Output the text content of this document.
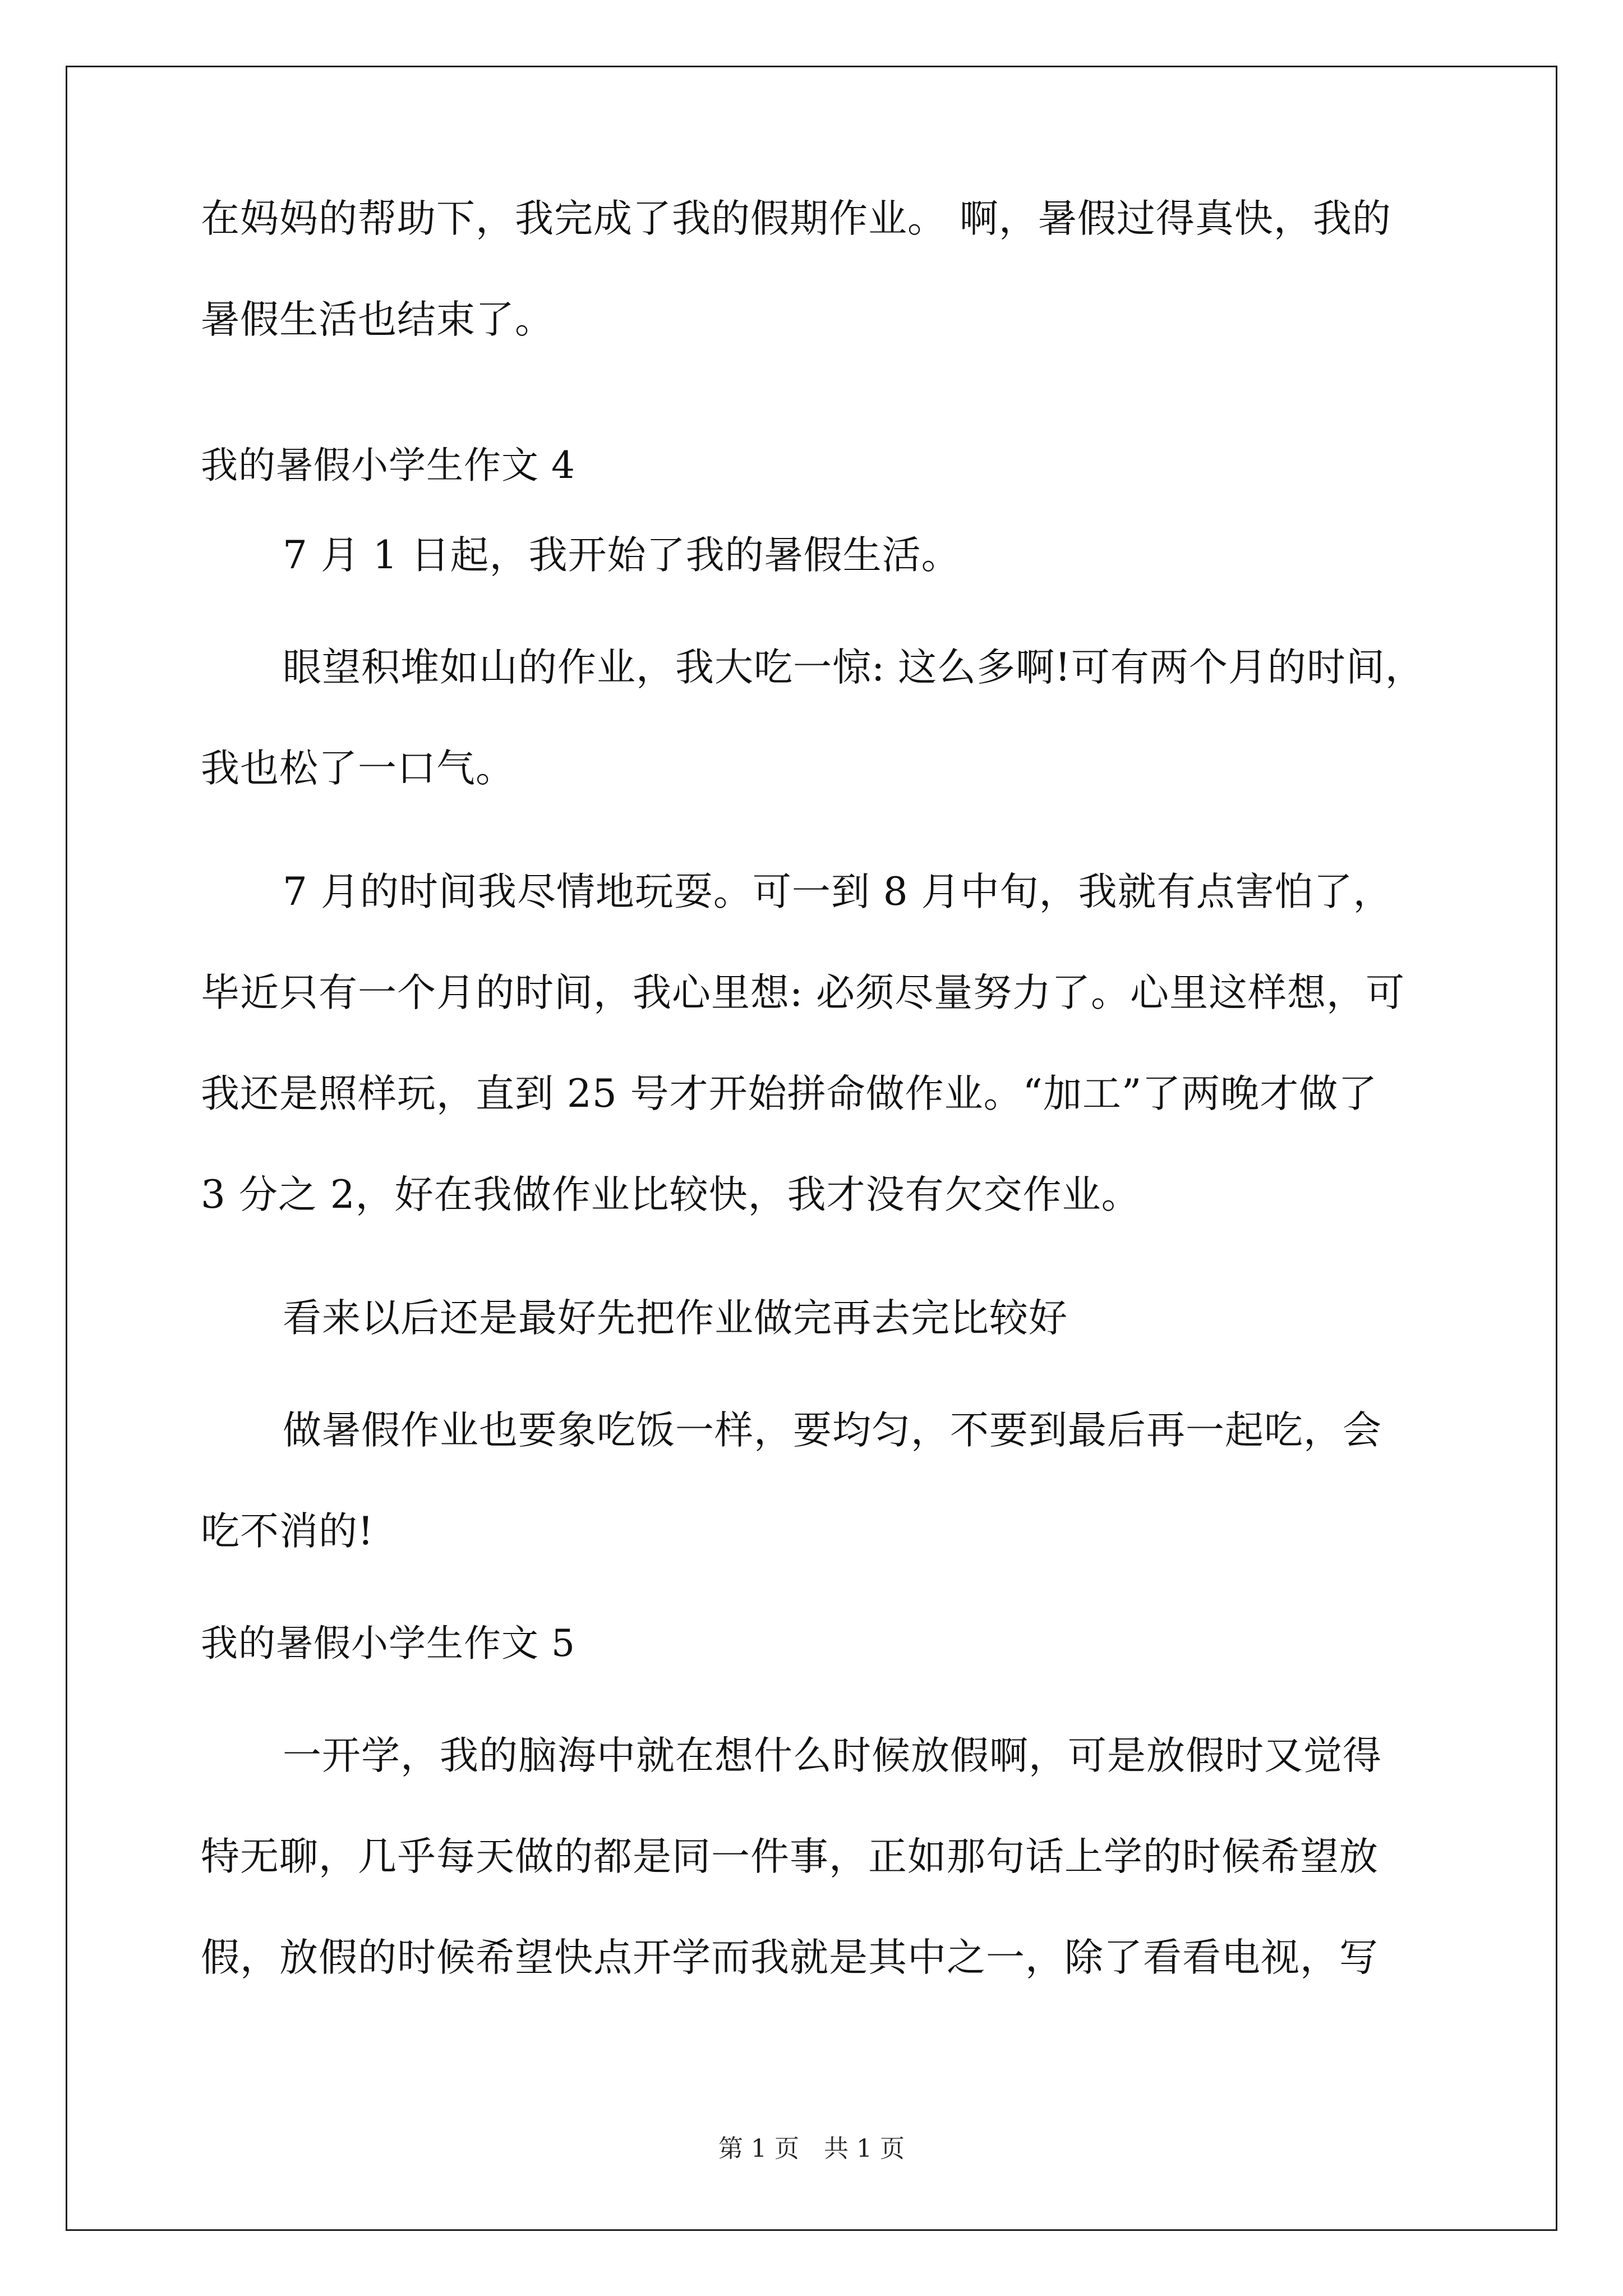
在妈妈的帮助下，我完成了我的假期作业。 啊，暑假过得真快，我的
暑假生活也结束了。
我的暑假小学生作文 4
7 月 1 日起，我开始了我的暑假生活。
眼望积堆如山的作业，我大吃一惊: 这么多啊!可有两个月的时间，
我也松了一口气。
7 月的时间我尽情地玩耍。可一到 8 月中旬，我就有点害怕了，
毕近只有一个月的时间，我心里想: 必须尽量努力了。心里这样想，可
我还是照样玩，直到 25 号才开始拼命做作业。“加工”了两晚才做了
3 分之 2，好在我做作业比较快，我才没有欠交作业。
看来以后还是最好先把作业做完再去完比较好
做暑假作业也要象吃饭一样，要均匀，不要到最后再一起吃，会
吃不消的!
我的暑假小学生作文 5
一开学，我的脑海中就在想什么时候放假啊，可是放假时又觉得
特无聊，几乎每天做的都是同一件事，正如那句话上学的时候希望放
假，放假的时候希望快点开学而我就是其中之一，除了看看电视，写
第 1 页　共 1 页
